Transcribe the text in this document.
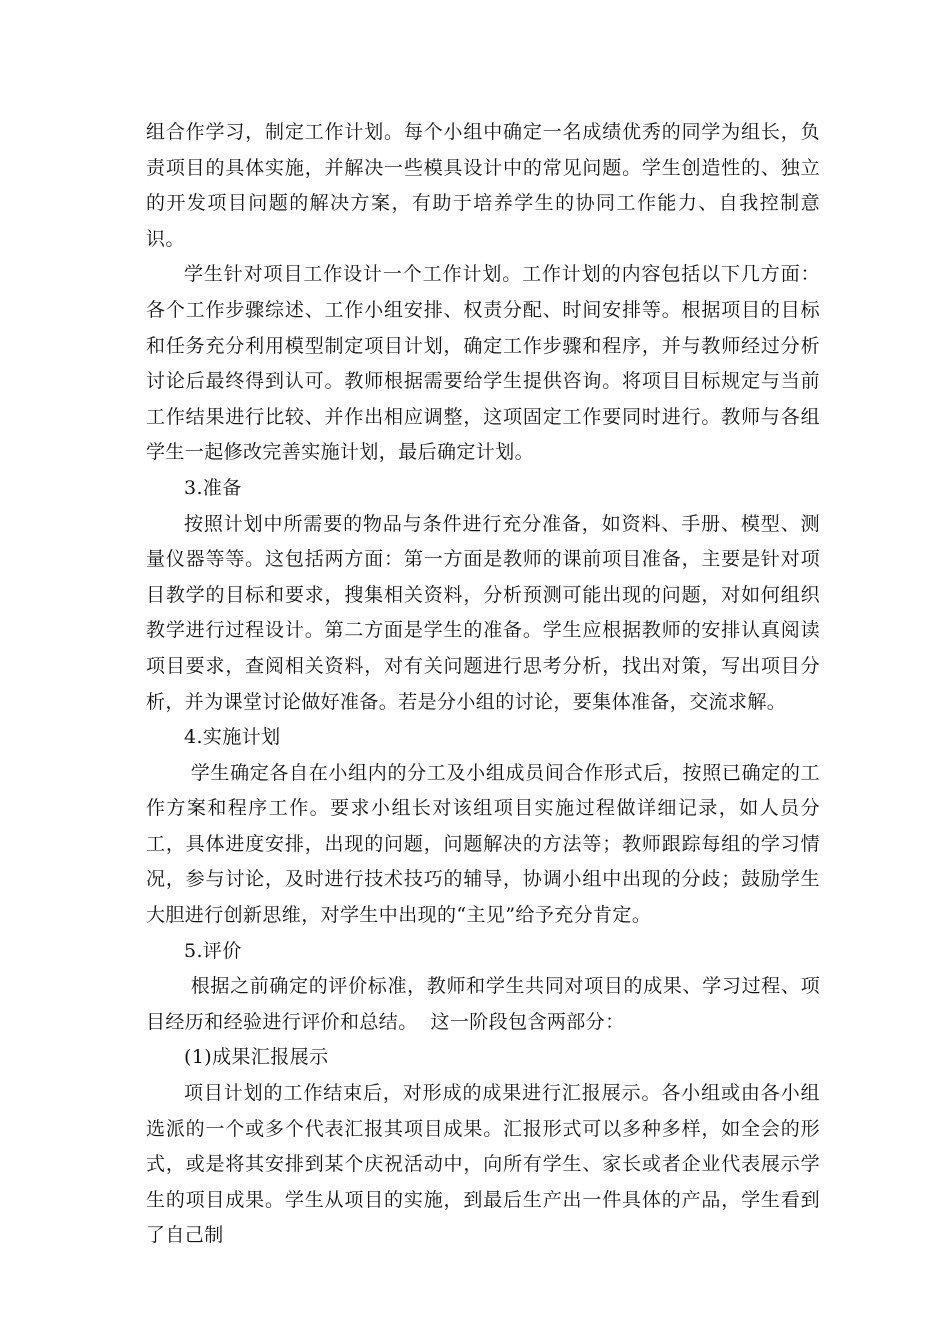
组合作学习，制定工作计划。每个小组中确定一名成绩优秀的同学为组长，负责项目的具体实施，并解决一些模具设计中的常见问题。学生创造性的、独立的开发项目问题的解决方案，有助于培养学生的协同工作能力、自我控制意识。

学生针对项目工作设计一个工作计划。工作计划的内容包括以下几方面：各个工作步骤综述、工作小组安排、权责分配、时间安排等。根据项目的目标和任务充分利用模型制定项目计划，确定工作步骤和程序，并与教师经过分析讨论后最终得到认可。教师根据需要给学生提供咨询。将项目目标规定与当前工作结果进行比较、并作出相应调整，这项固定工作要同时进行。教师与各组学生一起修改完善实施计划，最后确定计划。

3.准备

按照计划中所需要的物品与条件进行充分准备，如资料、手册、模型、测量仪器等等。这包括两方面：第一方面是教师的课前项目准备，主要是针对项目教学的目标和要求，搜集相关资料，分析预测可能出现的问题，对如何组织教学进行过程设计。第二方面是学生的准备。学生应根据教师的安排认真阅读项目要求，查阅相关资料，对有关问题进行思考分析，找出对策，写出项目分析，并为课堂讨论做好准备。若是分小组的讨论，要集体准备，交流求解。

4.实施计划

学生确定各自在小组内的分工及小组成员间合作形式后，按照已确定的工作方案和程序工作。要求小组长对该组项目实施过程做详细记录，如人员分工，具体进度安排，出现的问题，问题解决的方法等；教师跟踪每组的学习情况，参与讨论，及时进行技术技巧的辅导，协调小组中出现的分歧；鼓励学生大胆进行创新思维，对学生中出现的“主见”给予充分肯定。

5.评价

根据之前确定的评价标准，教师和学生共同对项目的成果、学习过程、项目经历和经验进行评价和总结。  这一阶段包含两部分：

(1)成果汇报展示

项目计划的工作结束后，对形成的成果进行汇报展示。各小组或由各小组选派的一个或多个代表汇报其项目成果。汇报形式可以多种多样，如全会的形式，或是将其安排到某个庆祝活动中，向所有学生、家长或者企业代表展示学生的项目成果。学生从项目的实施，到最后生产出一件具体的产品，学生看到了自己制
